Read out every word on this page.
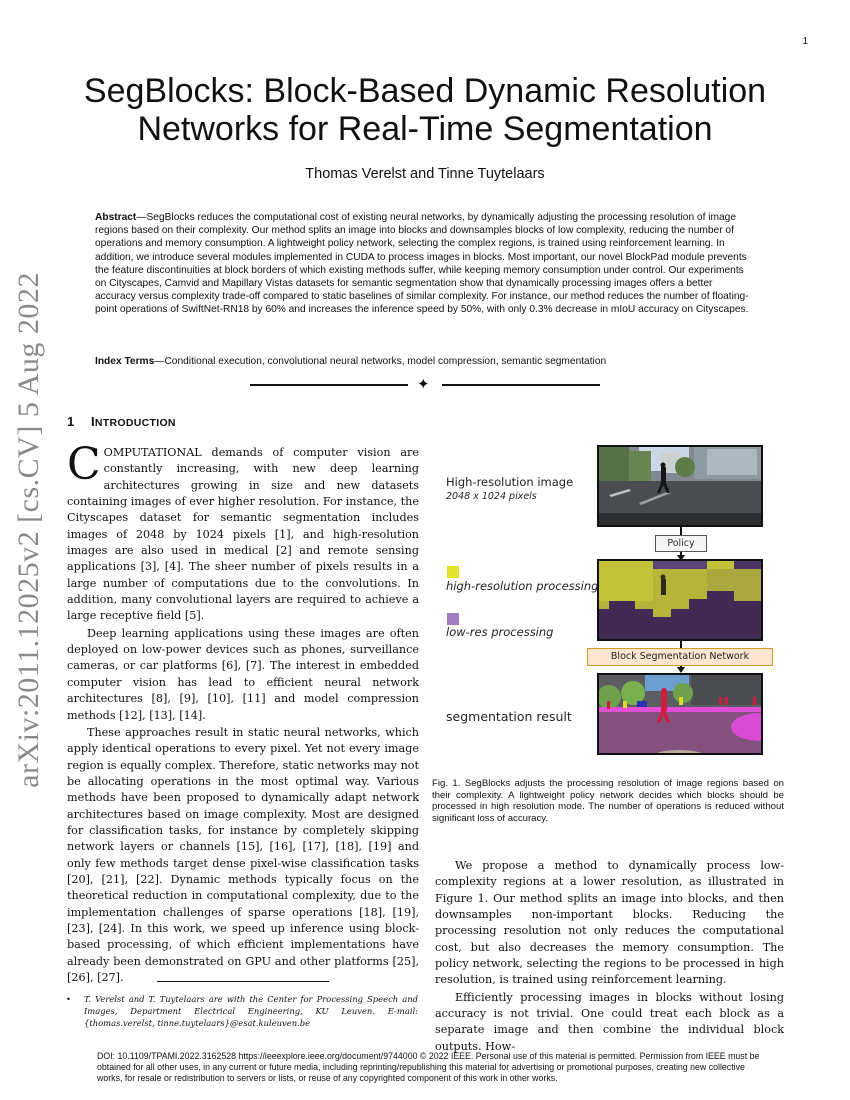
1
arXiv:2011.12025v2 [cs.CV] 5 Aug 2022
SegBlocks: Block-Based Dynamic Resolution
Networks for Real-Time Segmentation
Thomas Verelst and Tinne Tuytelaars
Abstract—SegBlocks reduces the computational cost of existing neural networks, by dynamically adjusting the processing resolution of image regions based on their complexity. Our method splits an image into blocks and downsamples blocks of low complexity, reducing the number of operations and memory consumption. A lightweight policy network, selecting the complex regions, is trained using reinforcement learning. In addition, we introduce several modules implemented in CUDA to process images in blocks. Most important, our novel BlockPad module prevents the feature discontinuities at block borders of which existing methods suffer, while keeping memory consumption under control. Our experiments on Cityscapes, Camvid and Mapillary Vistas datasets for semantic segmentation show that dynamically processing images offers a better accuracy versus complexity trade-off compared to static baselines of similar complexity. For instance, our method reduces the number of floating-point operations of SwiftNet-RN18 by 60% and increases the inference speed by 50%, with only 0.3% decrease in mIoU accuracy on Cityscapes.
Index Terms—Conditional execution, convolutional neural networks, model compression, semantic segmentation
✦
1 INTRODUCTION

COMPUTATIONAL demands of computer vision are constantly increasing, with new deep learning architectures growing in size and new datasets containing images of ever higher resolution. For instance, the Cityscapes dataset for semantic segmentation includes images of 2048 by 1024 pixels [1], and high-resolution images are also used in medical [2] and remote sensing applications [3], [4]. The sheer number of pixels results in a large number of computations due to the convolutions. In addition, many convolutional layers are required to achieve a large receptive field [5].

Deep learning applications using these images are often deployed on low-power devices such as phones, surveillance cameras, or car platforms [6], [7]. The interest in embedded computer vision has lead to efficient neural network architectures [8], [9], [10], [11] and model compression methods [12], [13], [14].

These approaches result in static neural networks, which apply identical operations to every pixel. Yet not every image region is equally complex. Therefore, static networks may not be allocating operations in the most optimal way. Various methods have been proposed to dynamically adapt network architectures based on image complexity. Most are designed for classification tasks, for instance by completely skipping network layers or channels [15], [16], [17], [18], [19] and only few methods target dense pixel-wise classification tasks [20], [21], [22]. Dynamic methods typically focus on the theoretical reduction in computational complexity, due to the implementation challenges of sparse operations [18], [19], [23], [24]. In this work, we speed up inference using block-based processing, of which efficient implementations have already been demonstrated on GPU and other platforms [25], [26], [27].

• T. Verelst and T. Tuytelaars are with the Center for Processing Speech and Images, Department Electrical Engineering, KU Leuven. E-mail: {thomas.verelst, tinne.tuytelaars}@esat.kuleuven.be
High-resolution image
2048 x 1024 pixels
Policy
high-resolution processing
low-res processing
Block Segmentation Network
segmentation result
Fig. 1. SegBlocks adjusts the processing resolution of image regions based on their complexity. A lightweight policy network decides which blocks should be processed in high resolution mode. The number of operations is reduced without significant loss of accuracy.

We propose a method to dynamically process low-complexity regions at a lower resolution, as illustrated in Figure 1. Our method splits an image into blocks, and then downsamples non-important blocks. Reducing the processing resolution not only reduces the computational cost, but also decreases the memory consumption. The policy network, selecting the regions to be processed in high resolution, is trained using reinforcement learning.

Efficiently processing images in blocks without losing accuracy is not trivial. One could treat each block as a separate image and then combine the individual block outputs. How-

DOI: 10.1109/TPAMI.2022.3162528 https://ieeexplore.ieee.org/document/9744000 © 2022 IEEE. Personal use of this material is permitted. Permission from IEEE must be obtained for all other uses, in any current or future media, including reprinting/republishing this material for advertising or promotional purposes, creating new collective works, for resale or redistribution to servers or lists, or reuse of any copyrighted component of this work in other works.
